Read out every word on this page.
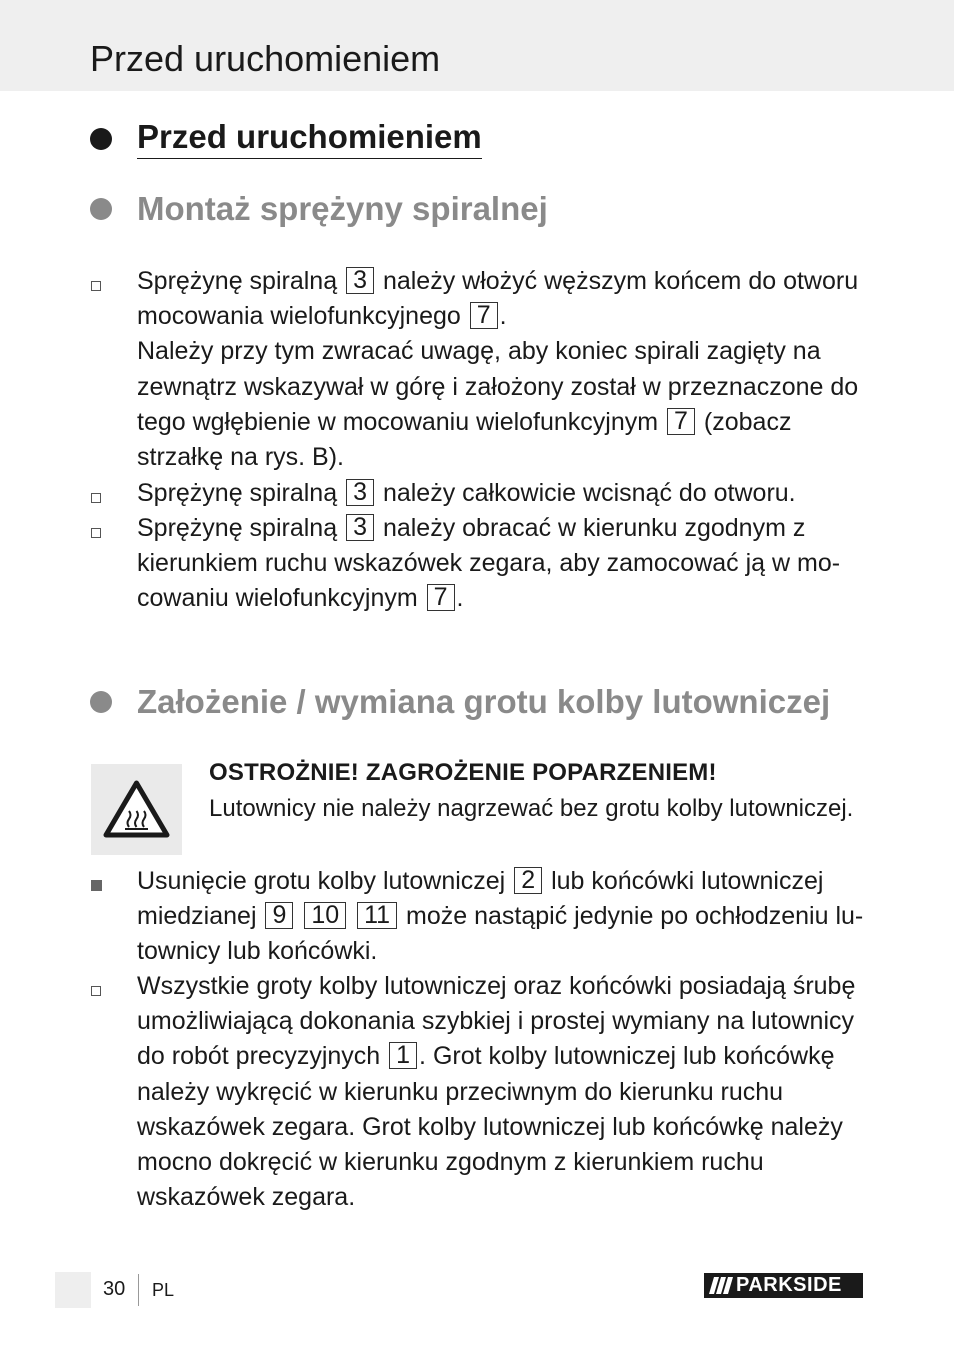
Przed uruchomieniem
Przed uruchomieniem
Montaż sprężyny spiralnej

Sprężynę spiralną 3 należy włożyć węższym końcem do otworu mocowania wielofunkcyjnego 7 .

Należy przy tym zwracać uwagę, aby koniec spirali zagięty na zewnątrz wskazywał w górę i założony został w przeznaczone do tego wgłębienie w mocowaniu wielofunkcyjnym 7 (zobacz strzałkę na rys. B).

Sprężynę spiralną 3 należy całkowicie wcisnąć do otworu.

Sprężynę spiralną 3 należy obracać w kierunku zgodnym z kierunkiem ruchu wskazówek zegara, aby zamocować ją w mo-cowaniu wielofunkcyjnym 7 .

Założenie / wymiana grotu kolby lutowniczej
OSTROŻNIE! ZAGROŻENIE POPARZENIEM!
Lutownicy nie należy nagrzewać bez grotu kolby lutowniczej.

Usunięcie grotu kolby lutowniczej 2 lub końcówki lutowniczej miedzianej 9 10 11 może nastąpić jedynie po ochłodzeniu lu-townicy lub końcówki.

Wszystkie groty kolby lutowniczej oraz końcówki posiadają śrubę umożliwiającą dokonania szybkiej i prostej wymiany na lutownicy do robót precyzyjnych 1 . Grot kolby lutowniczej lub końcówkę należy wykręcić w kierunku przeciwnym do kierunku ruchu wskazówek zegara. Grot kolby lutowniczej lub końcówkę należy mocno dokręcić w kierunku zgodnym z kierunkiem ruchu wskazówek zegara.

30 PL	PARKSIDE
